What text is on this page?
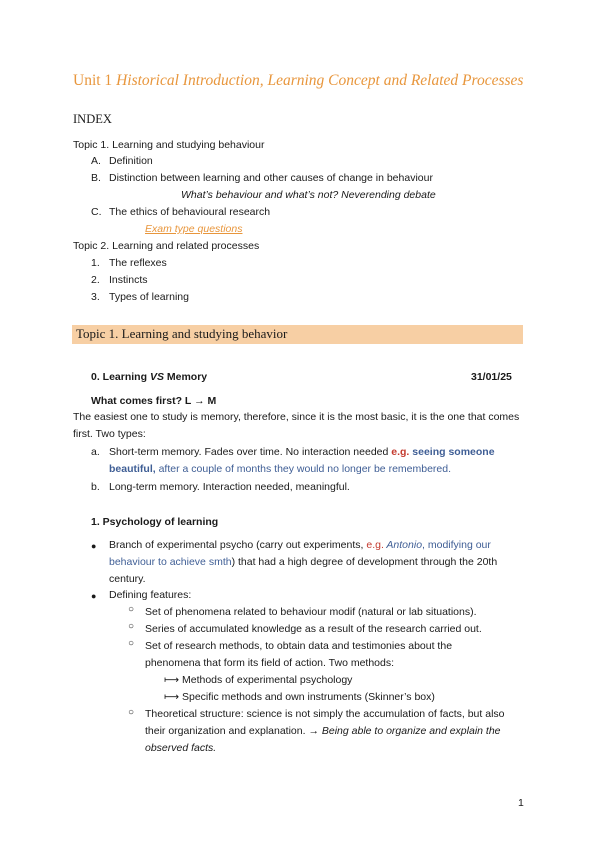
Unit 1 Historical Introduction, Learning Concept and Related Processes
INDEX
Topic 1. Learning and studying behaviour
A. Definition
B. Distinction between learning and other causes of change in behaviour
What’s behaviour and what’s not? Neverending debate
C. The ethics of behavioural research
Exam type questions
Topic 2. Learning and related processes
1. The reflexes
2. Instincts
3. Types of learning
Topic 1. Learning and studying behavior
0. Learning VS Memory	31/01/25
What comes first? L → M
The easiest one to study is memory, therefore, since it is the most basic, it is the one that comes first. Two types:
a. Short-term memory. Fades over time. No interaction needed e.g. seeing someone beautiful, after a couple of months they would no longer be remembered.
b. Long-term memory. Interaction needed, meaningful.
1. Psychology of learning
● Branch of experimental psycho (carry out experiments, e.g. Antonio, modifying our behaviour to achieve smth) that had a high degree of development through the 20th century.
● Defining features:
○ Set of phenomena related to behaviour modif (natural or lab situations).
○ Series of accumulated knowledge as a result of the research carried out.
○ Set of research methods, to obtain data and testimonies about the phenomena that form its field of action. Two methods:
⟼ Methods of experimental psychology
⟼ Specific methods and own instruments (Skinner’s box)
○ Theoretical structure: science is not simply the accumulation of facts, but also their organization and explanation. → Being able to organize and explain the observed facts.
1
